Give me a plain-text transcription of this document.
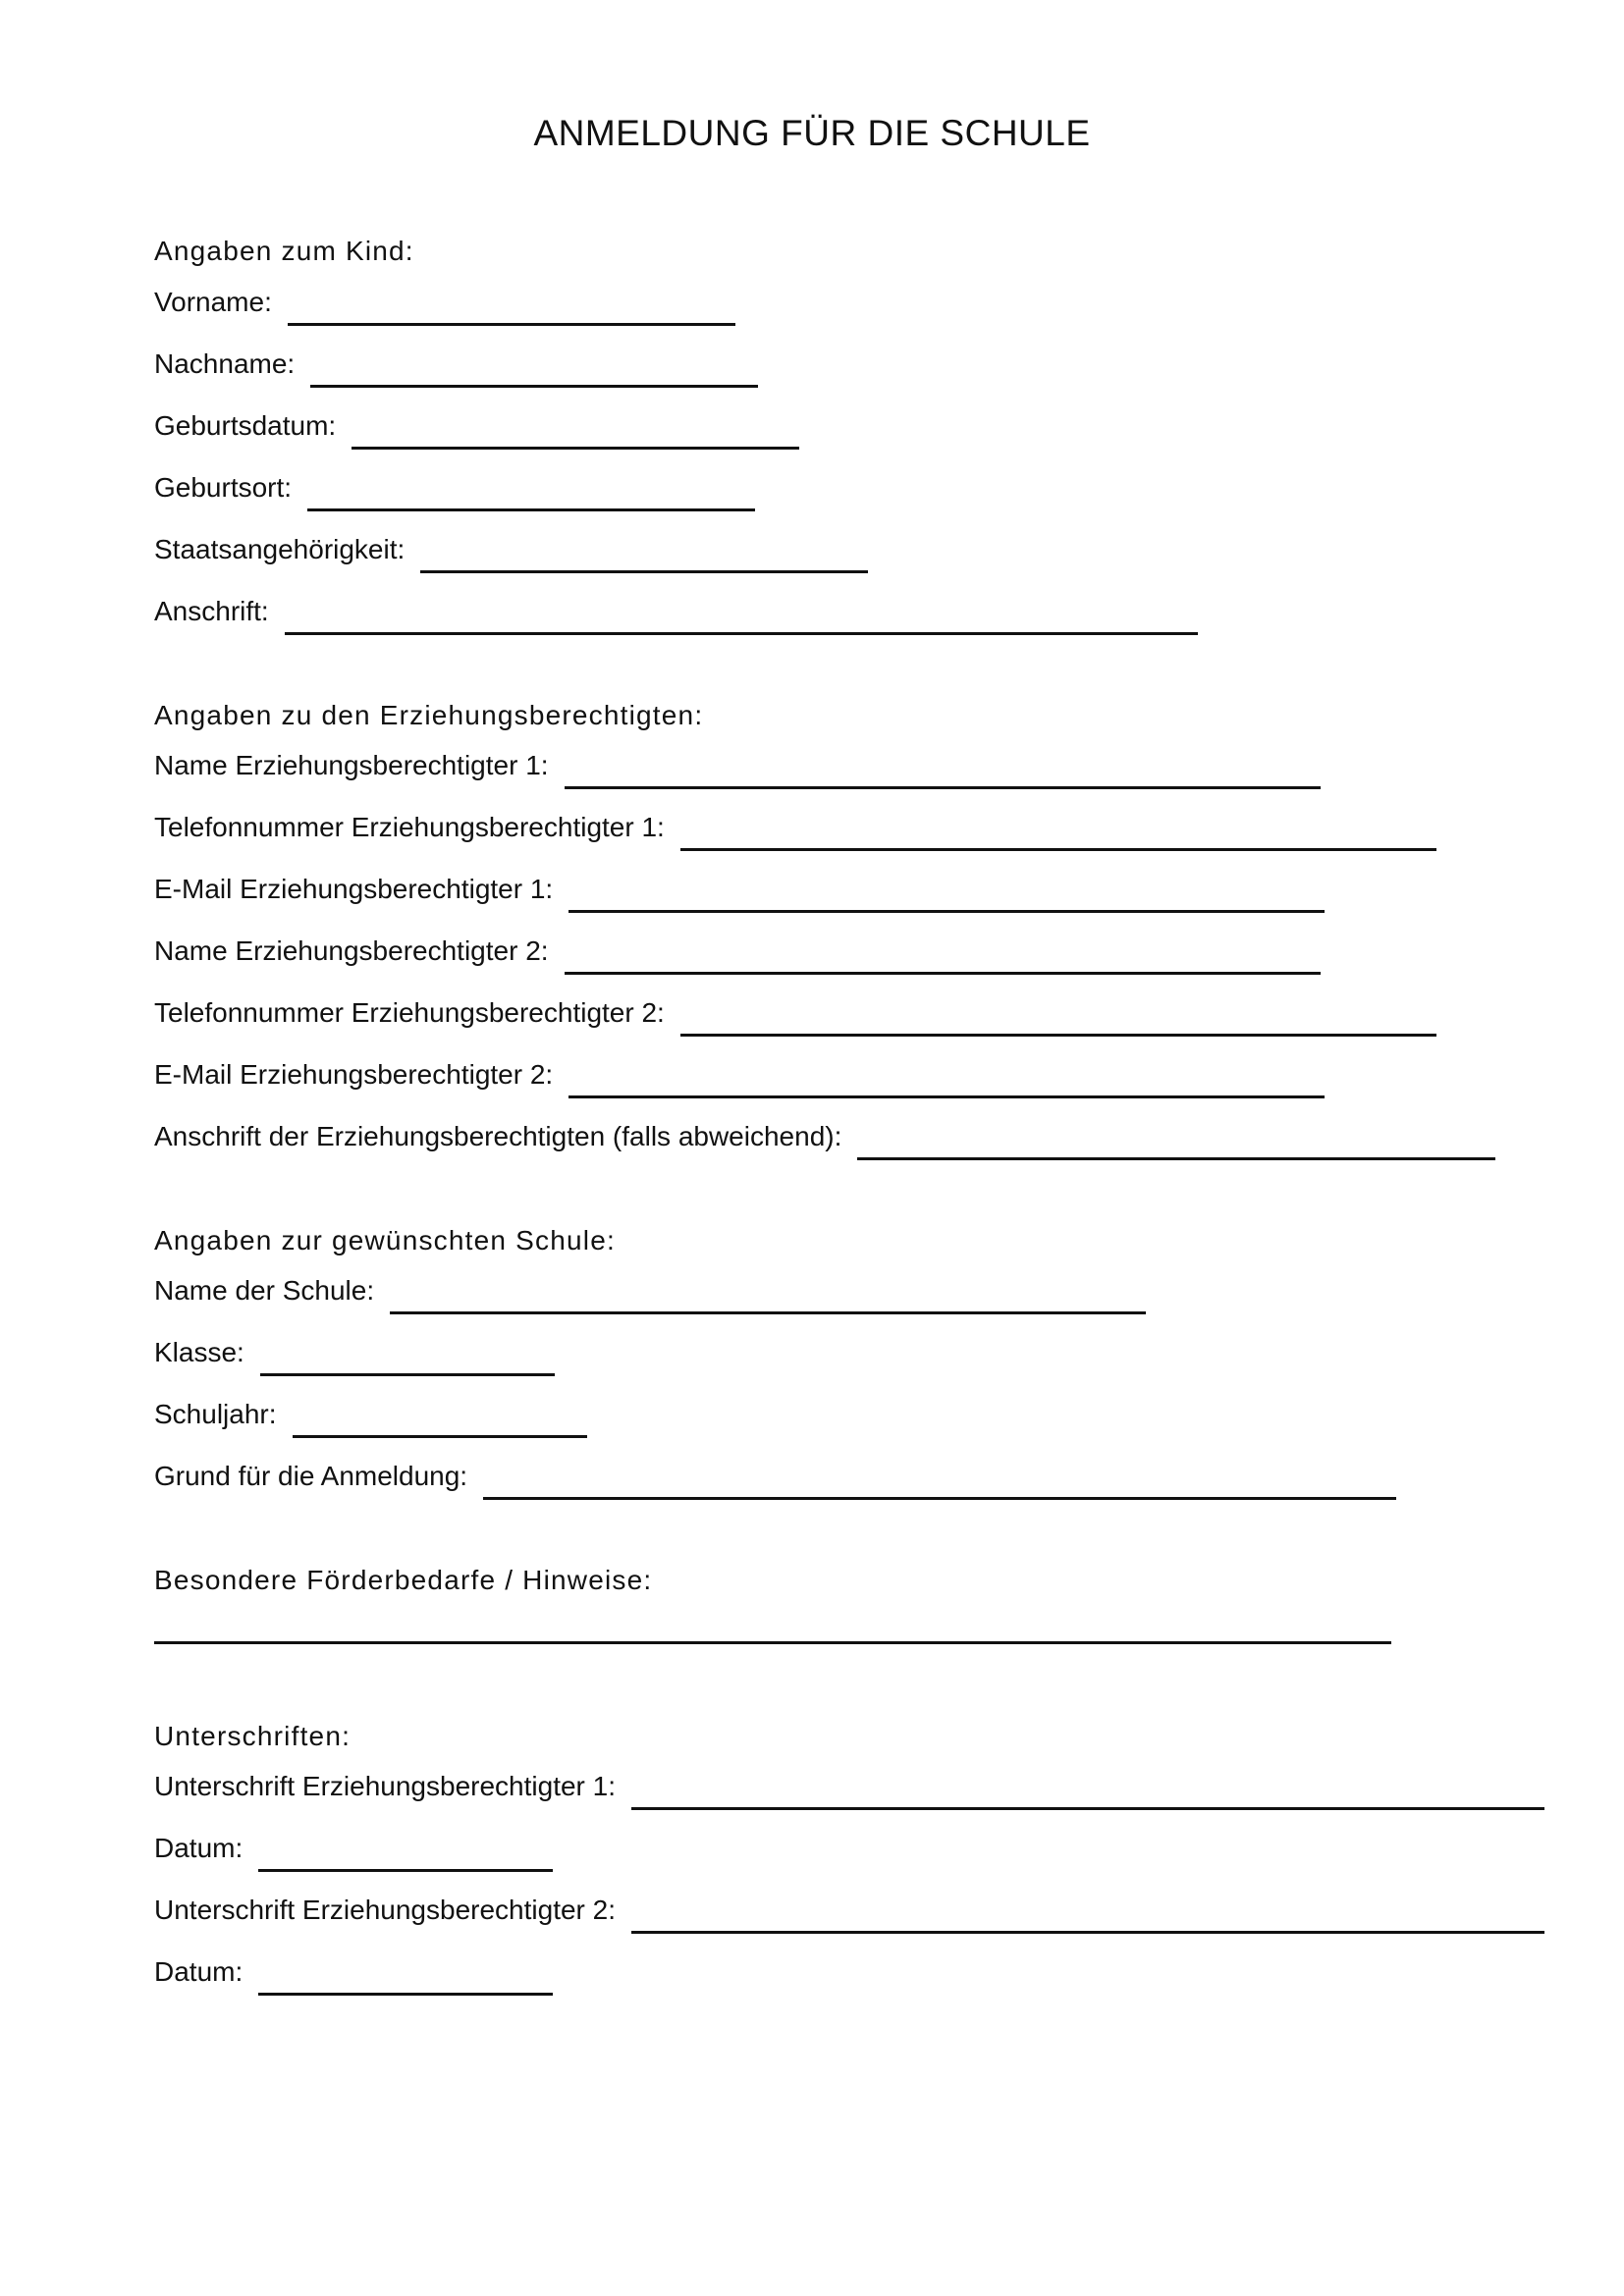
ANMELDUNG FÜR DIE SCHULE
Angaben zum Kind:
Vorname:
Nachname:
Geburtsdatum:
Geburtsort:
Staatsangehörigkeit:
Anschrift:
Angaben zu den Erziehungsberechtigten:
Name Erziehungsberechtigter 1:
Telefonnummer Erziehungsberechtigter 1:
E-Mail Erziehungsberechtigter 1:
Name Erziehungsberechtigter 2:
Telefonnummer Erziehungsberechtigter 2:
E-Mail Erziehungsberechtigter 2:
Anschrift der Erziehungsberechtigten (falls abweichend):
Angaben zur gewünschten Schule:
Name der Schule:
Klasse:
Schuljahr:
Grund für die Anmeldung:
Besondere Förderbedarfe / Hinweise:
Unterschriften:
Unterschrift Erziehungsberechtigter 1:
Datum:
Unterschrift Erziehungsberechtigter 2:
Datum:
